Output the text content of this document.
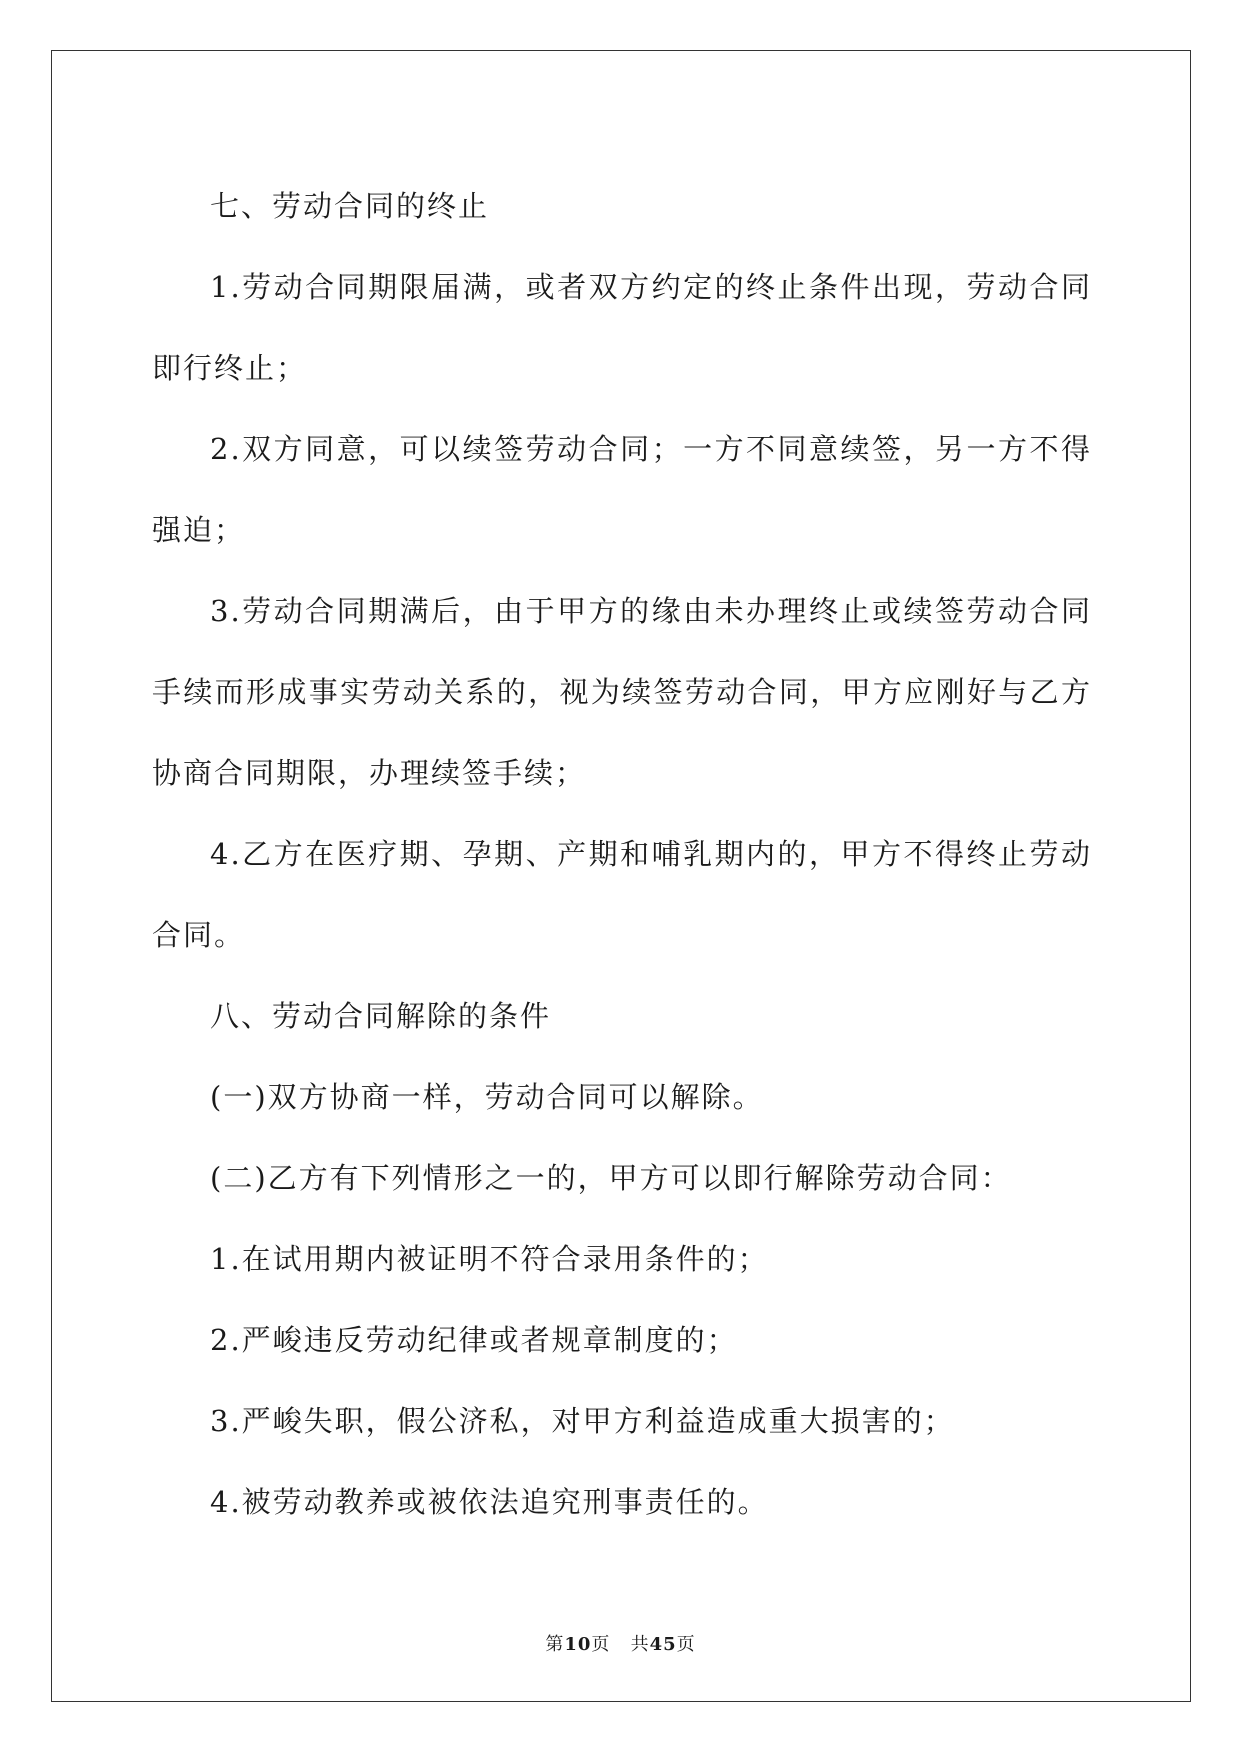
七、劳动合同的终止

1.劳动合同期限届满，或者双方约定的终止条件出现，劳动合同即行终止；

2.双方同意，可以续签劳动合同；一方不同意续签，另一方不得强迫；

3.劳动合同期满后，由于甲方的缘由未办理终止或续签劳动合同手续而形成事实劳动关系的，视为续签劳动合同，甲方应刚好与乙方协商合同期限，办理续签手续；

4.乙方在医疗期、孕期、产期和哺乳期内的，甲方不得终止劳动合同。

八、劳动合同解除的条件

(一)双方协商一样，劳动合同可以解除。

(二)乙方有下列情形之一的，甲方可以即行解除劳动合同：

1.在试用期内被证明不符合录用条件的；

2.严峻违反劳动纪律或者规章制度的；

3.严峻失职，假公济私，对甲方利益造成重大损害的；

4.被劳动教养或被依法追究刑事责任的。

第10页 共45页
